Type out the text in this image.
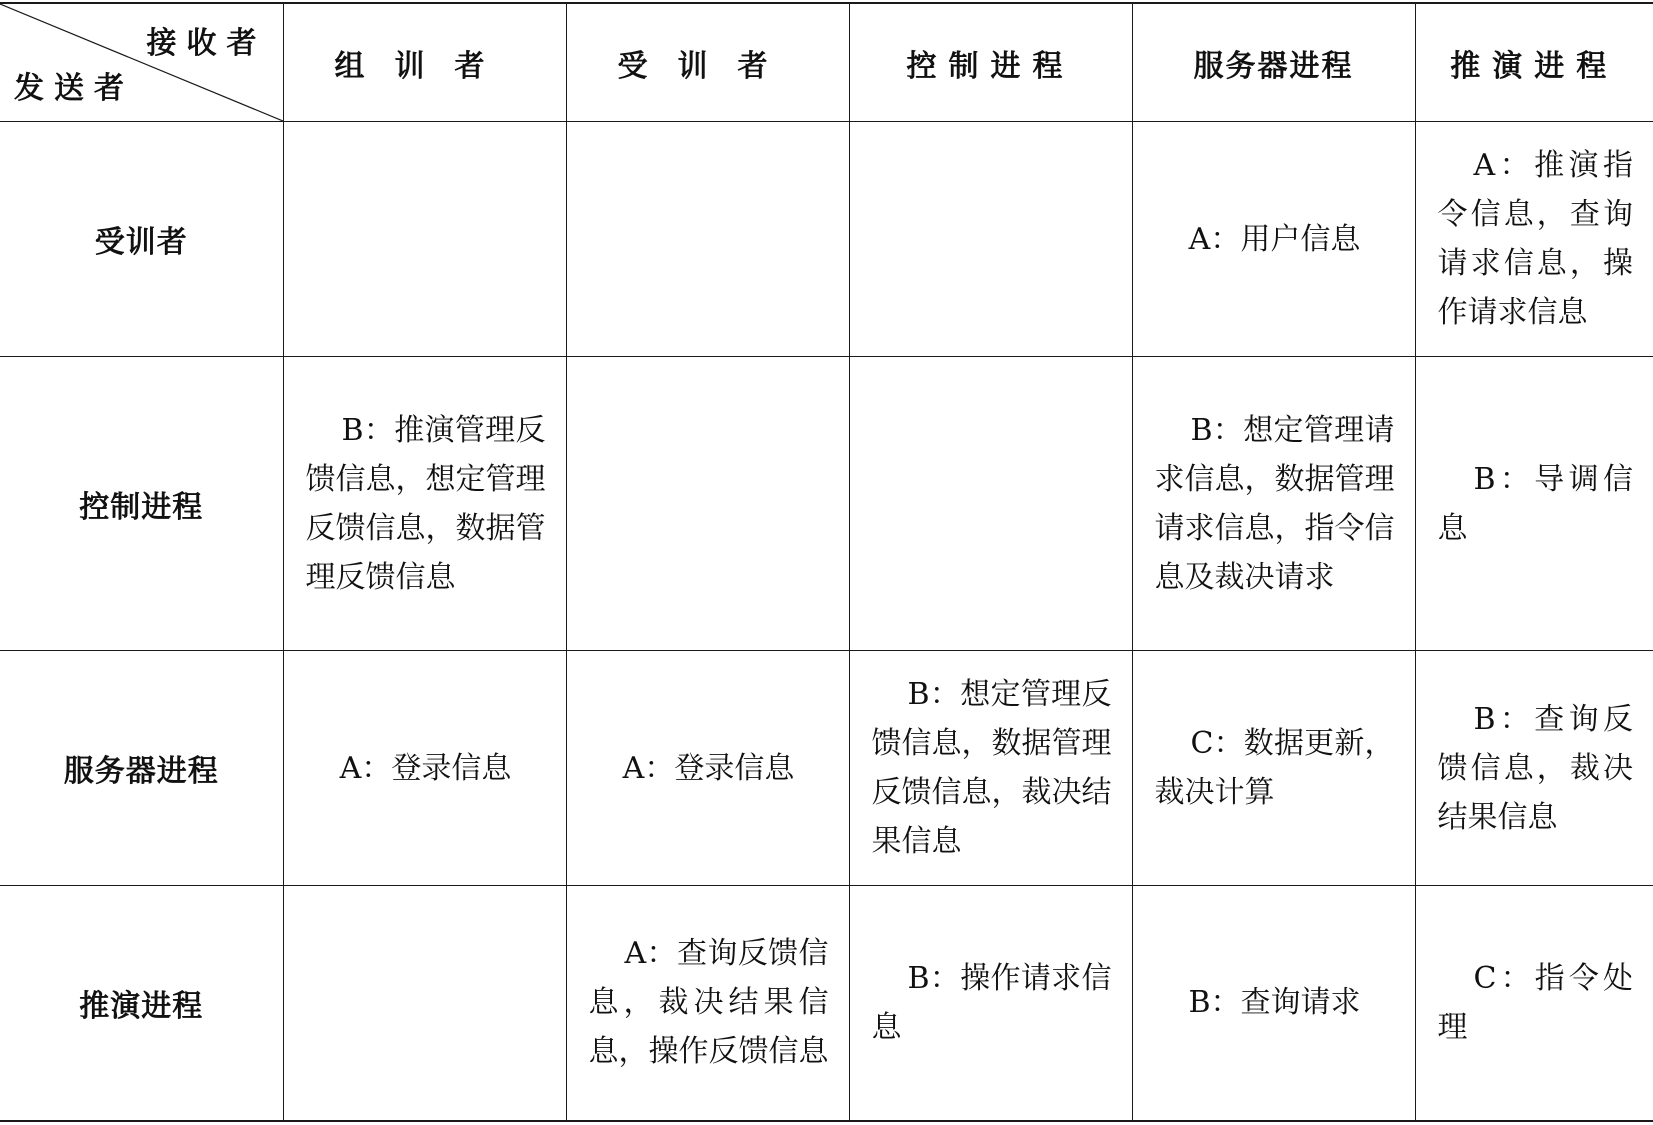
接收者
发送者	组训者	受训者	控制进程	服务器进程	推演进程
受训者				A：用户信息	A：推演指令信息，查询请求信息，操作请求信息

控制进程	B：推演管理反馈信息，想定管理反馈信息，数据管理反馈信息			B：想定管理请求信息，数据管理请求信息，指令信息及裁决请求	B：导调信息

服务器进程	A：登录信息	A：登录信息	B：想定管理反馈信息，数据管理反馈信息，裁决结果信息	C：数据更新，裁决计算	B：查询反馈信息，裁决结果信息

推演进程		A：查询反馈信息，裁决结果信息，操作反馈信息	B：操作请求信息	B：查询请求	C：指令处理
